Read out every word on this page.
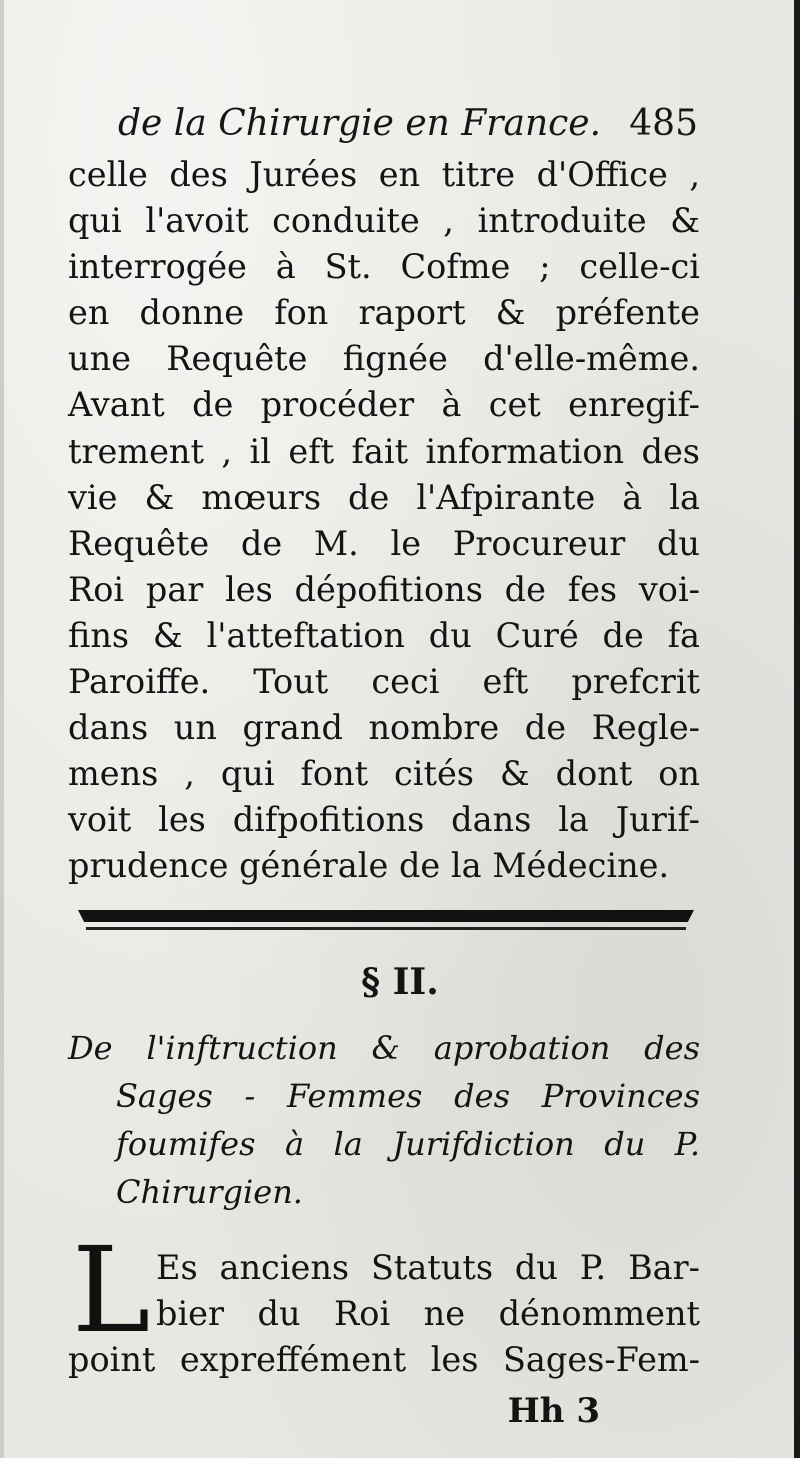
de la Chirurgie en France. 485
celle des Jurées en titre d'Office ,
qui l'avoit conduite , introduite &
interrogée à St. Cofme ; celle-ci
en donne fon raport & préfente
une Requête fignée d'elle-même.
Avant de procéder à cet enregif-
trement , il eft fait information des
vie & mœurs de l'Afpirante à la
Requête de M. le Procureur du
Roi par les dépofitions de fes voi-
fins & l'atteftation du Curé de fa
Paroiffe. Tout ceci eft prefcrit
dans un grand nombre de Regle-
mens , qui font cités & dont on
voit les difpofitions dans la Jurif-
prudence générale de la Médecine.
§ II.
De l'inftruction & aprobation des
Sages - Femmes des Provinces
foumifes à la Jurifdiction du P.
Chirurgien.
L Es anciens Statuts du P. Bar-
bier du Roi ne dénomment
point expreffément les Sages-Fem-
Hh 3
